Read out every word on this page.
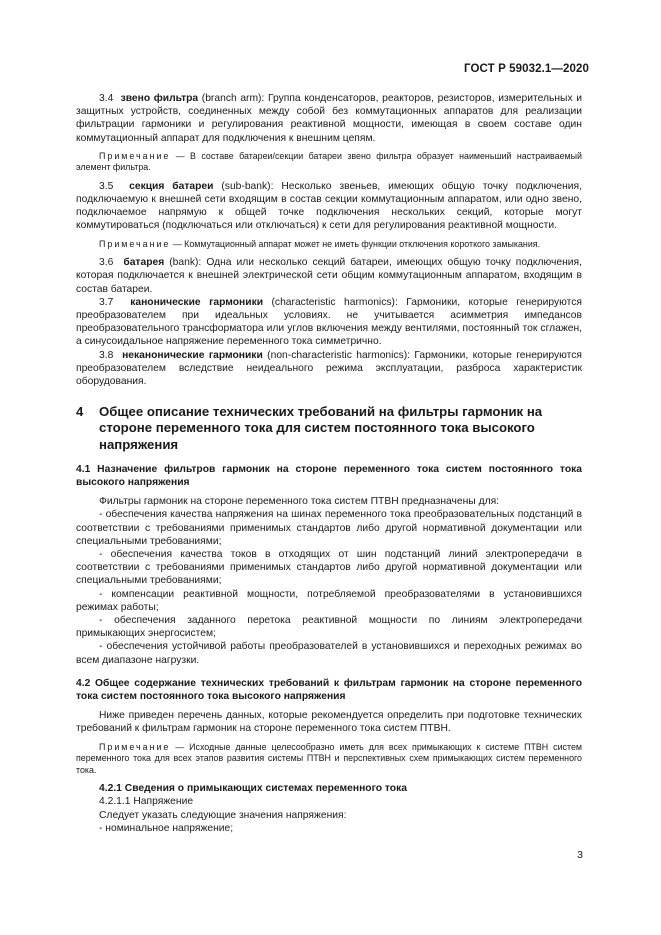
ГОСТ Р 59032.1—2020

3.4 звено фильтра (branch arm): Группа конденсаторов, реакторов, резисторов, измерительных и защитных устройств, соединенных между собой без коммутационных аппаратов для реализации фильтрации гармоники и регулирования реактивной мощности, имеющая в своем составе один коммутационный аппарат для подключения к внешним цепям.

Примечание — В составе батареи/секции батареи звено фильтра образует наименьший настраиваемый элемент фильтра.

3.5 секция батареи (sub-bank): Несколько звеньев, имеющих общую точку подключения, подключаемую к внешней сети входящим в состав секции коммутационным аппаратом, или одно звено, подключаемое напрямую к общей точке подключения нескольких секций, которые могут коммутироваться (подключаться или отключаться) к сети для регулирования реактивной мощности.

Примечание — Коммутационный аппарат может не иметь функции отключения короткого замыкания.

3.6 батарея (bank): Одна или несколько секций батареи, имеющих общую точку подключения, которая подключается к внешней электрической сети общим коммутационным аппаратом, входящим в состав батареи.

3.7 канонические гармоники (characteristic harmonics): Гармоники, которые генерируются преобразователем при идеальных условиях. не учитывается асимметрия импедансов преобразовательного трансформатора или углов включения между вентилями, постоянный ток сглажен, а синусоидальное напряжение переменного тока симметрично.

3.8 неканонические гармоники (non-characteristic harmonics): Гармоники, которые генерируются преобразователем вследствие неидеального режима эксплуатации, разброса характеристик оборудования.

4 Общее описание технических требований на фильтры гармоник на стороне переменного тока для систем постоянного тока высокого напряжения

4.1 Назначение фильтров гармоник на стороне переменного тока систем постоянного тока высокого напряжения

Фильтры гармоник на стороне переменного тока систем ПТВН предназначены для:

- обеспечения качества напряжения на шинах переменного тока преобразовательных подстанций в соответствии с требованиями применимых стандартов либо другой нормативной документации или специальными требованиями;

- обеспечения качества токов в отходящих от шин подстанций линий электропередачи в соответствии с требованиями применимых стандартов либо другой нормативной документации или специальными требованиями;

- компенсации реактивной мощности, потребляемой преобразователями в установившихся режимах работы;

- обеспечения заданного перетока реактивной мощности по линиям электропередачи примыкающих энергосистем;

- обеспечения устойчивой работы преобразователей в установившихся и переходных режимах во всем диапазоне нагрузки.

4.2 Общее содержание технических требований к фильтрам гармоник на стороне переменного тока систем постоянного тока высокого напряжения

Ниже приведен перечень данных, которые рекомендуется определить при подготовке технических требований к фильтрам гармоник на стороне переменного тока систем ПТВН.

Примечание — Исходные данные целесообразно иметь для всех примыкающих к системе ПТВН систем переменного тока для всех этапов развития системы ПТВН и перспективных схем примыкающих систем переменного тока.

4.2.1 Сведения о примыкающих системах переменного тока

4.2.1.1 Напряжение

Следует указать следующие значения напряжения:

- номинальное напряжение;

3
